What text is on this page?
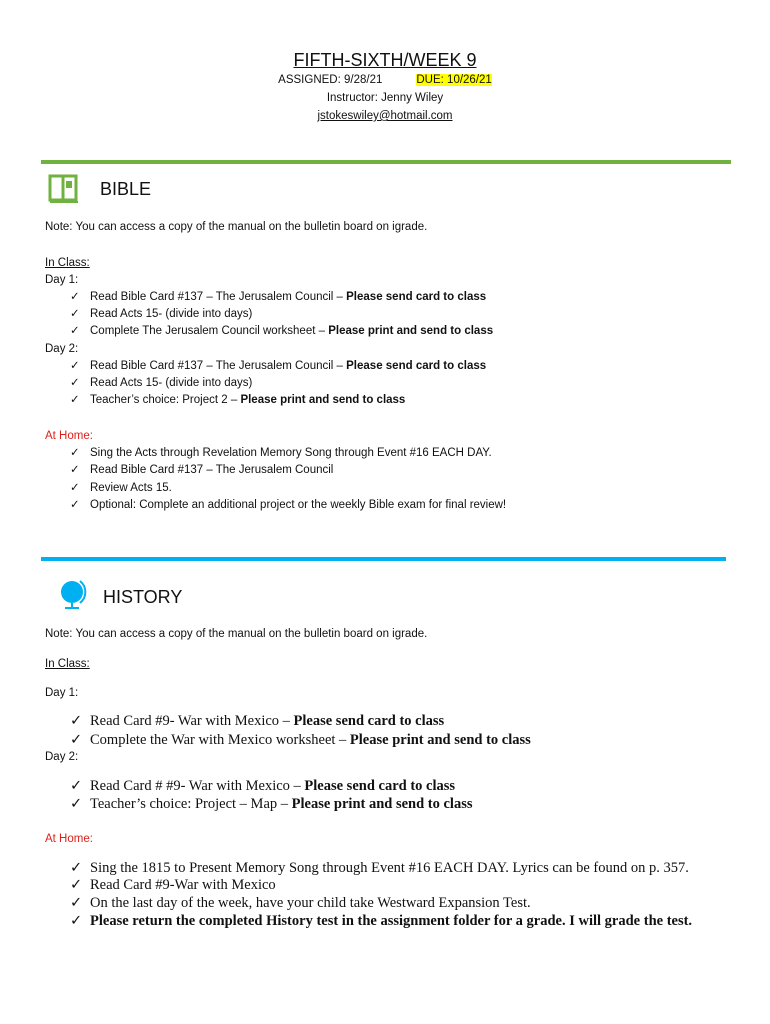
FIFTH-SIXTH/WEEK 9
ASSIGNED: 9/28/21	DUE: 10/26/21
Instructor: Jenny Wiley
jstokeswiley@hotmail.com
BIBLE
Note: You can access a copy of the manual on the bulletin board on igrade.
In Class:
Day 1:
Day 2:
At Home:
HISTORY
Note: You can access a copy of the manual on the bulletin board on igrade.
In Class:
Day 1:
Day 2:
At Home:
✓ Read Bible Card #137 – The Jerusalem Council – Please send card to class
✓ Read Acts 15- (divide into days)
✓ Complete The Jerusalem Council worksheet – Please print and send to class
✓ Read Bible Card #137 – The Jerusalem Council – Please send card to class
✓ Read Acts 15- (divide into days)
✓ Teacher’s choice: Project 2 – Please print and send to class
✓ Sing the Acts through Revelation Memory Song through Event #16 EACH DAY.
✓ Read Bible Card #137 – The Jerusalem Council
✓ Review Acts 15.
✓ Optional: Complete an additional project or the weekly Bible exam for final review!
✓ Read Card #9- War with Mexico – Please send card to class
✓ Complete the War with Mexico worksheet – Please print and send to class
✓ Read Card # #9- War with Mexico – Please send card to class
✓ Teacher’s choice: Project – Map – Please print and send to class
✓ Sing the 1815 to Present Memory Song through Event #16 EACH DAY. Lyrics can be found on p. 357.
✓ Read Card #9-War with Mexico
✓ On the last day of the week, have your child take Westward Expansion Test.
✓ Please return the completed History test in the assignment folder for a grade. I will grade the test.
